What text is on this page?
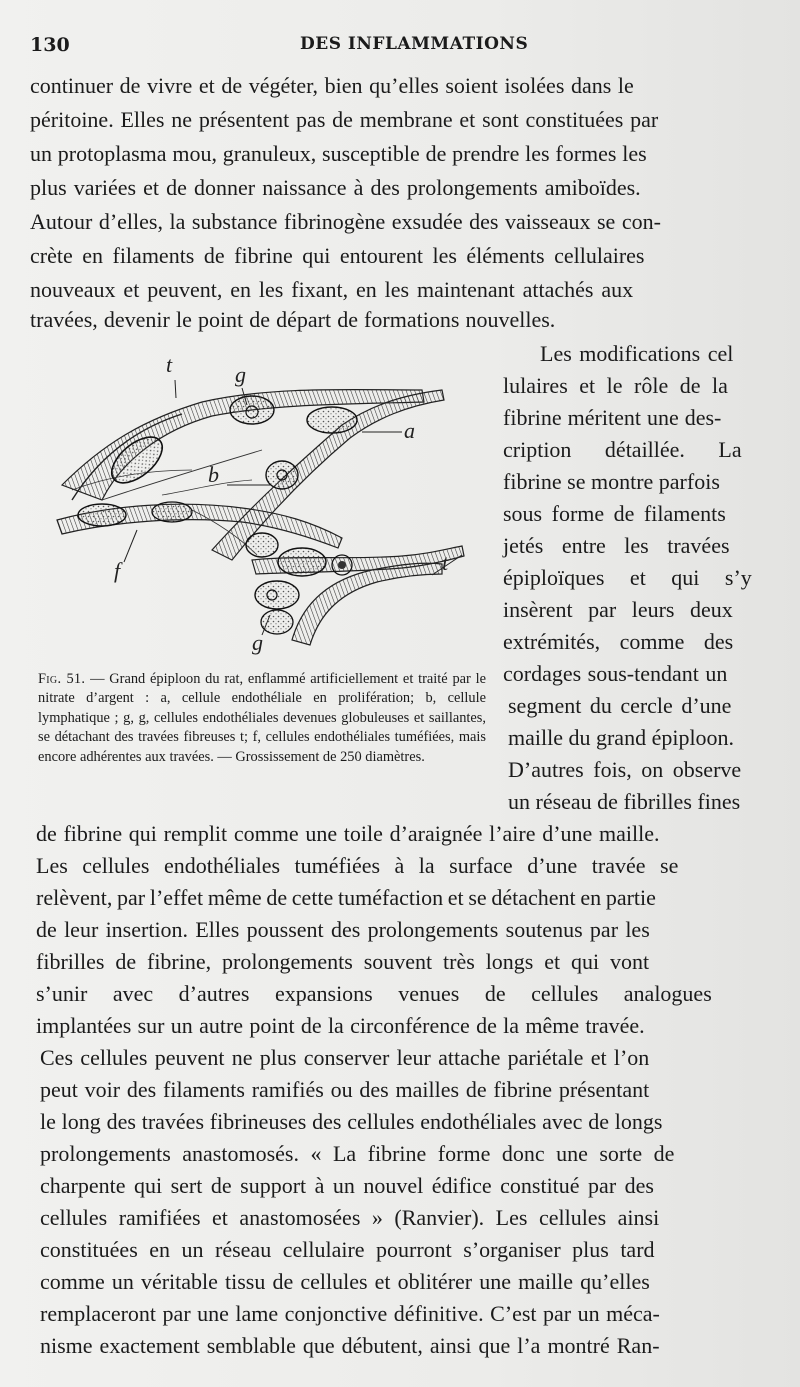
130	DES INFLAMMATIONS
continuer de vivre et de végéter, bien qu’elles soient isolées dans le
péritoine. Elles ne présentent pas de membrane et sont constituées par
un protoplasma mou, granuleux, susceptible de prendre les formes les
plus variées et de donner naissance à des prolongements amiboïdes.
Autour d’elles, la substance fibrinogène exsudée des vaisseaux se con-
crète en filaments de fibrine qui entourent les éléments cellulaires
nouveaux et peuvent, en les fixant, en les maintenant attachés aux
travées, devenir le point de départ de formations nouvelles.
Les modifications cel
lulaires et le rôle de la
fibrine méritent une des-
cription détaillée. La
fibrine se montre parfois
sous forme de filaments
jetés entre les travées
épiploïques et qui s’y
insèrent par leurs deux
extrémités, comme des
cordages sous-tendant un
segment du cercle d’une
maille du grand épiploon.
D’autres fois, on observe
un réseau de fibrilles fines
de fibrine qui remplit comme une toile d’araignée l’aire d’une maille.
Les cellules endothéliales tuméfiées à la surface d’une travée se
relèvent, par l’effet même de cette tuméfaction et se détachent en partie
de leur insertion. Elles poussent des prolongements soutenus par les
fibrilles de fibrine, prolongements souvent très longs et qui vont
s’unir avec d’autres expansions venues de cellules analogues
implantées sur un autre point de la circonférence de la même travée.
Ces cellules peuvent ne plus conserver leur attache pariétale et l’on
peut voir des filaments ramifiés ou des mailles de fibrine présentant
le long des travées fibrineuses des cellules endothéliales avec de longs
prolongements anastomosés. « La fibrine forme donc une sorte de
charpente qui sert de support à un nouvel édifice constitué par des
cellules ramifiées et anastomosées » (Ranvier). Les cellules ainsi
constituées en un réseau cellulaire pourront s’organiser plus tard
comme un véritable tissu de cellules et oblitérer une maille qu’elles
remplaceront par une lame conjonctive définitive. C’est par un méca-
nisme exactement semblable que débutent, ainsi que l’a montré Ran-
t	g
a
b
f	t
g
Fig. 51. — Grand épiploon du rat, enflammé artificiellement et traité par le nitrate d’argent : a, cellule endothéliale en prolifération; b, cellule lymphatique ; g, g, cellules endothéliales devenues globuleuses et saillantes, se détachant des travées fibreuses t; f, cellules endothéliales tuméfiées, mais encore adhérentes aux travées. — Grossissement de 250 diamètres.
